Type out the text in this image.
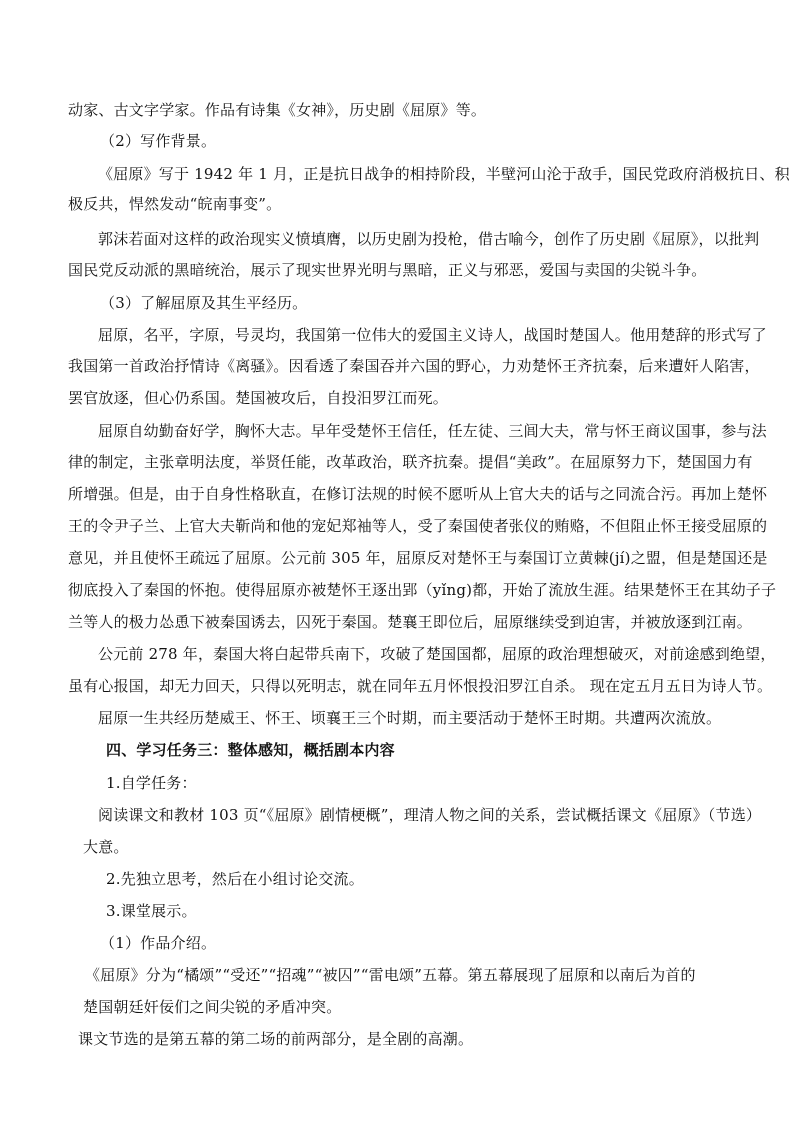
动家、古文字学家。作品有诗集《女神》，历史剧《屈原》等。
（2）写作背景。
《屈原》写于 1942 年 1 月，正是抗日战争的相持阶段，半壁河山沦于敌手，国民党政府消极抗日、积
极反共，悍然发动“皖南事变”。
郭沫若面对这样的政治现实义愤填膺，以历史剧为投枪，借古喻今，创作了历史剧《屈原》，以批判
国民党反动派的黑暗统治，展示了现实世界光明与黑暗，正义与邪恶，爱国与卖国的尖锐斗争。
（3）了解屈原及其生平经历。
屈原，名平，字原，号灵均，我国第一位伟大的爱国主义诗人，战国时楚国人。他用楚辞的形式写了
我国第一首政治抒情诗《离骚》。因看透了秦国吞并六国的野心，力劝楚怀王齐抗秦，后来遭奸人陷害，
罢官放逐，但心仍系国。楚国被攻后，自投汨罗江而死。
屈原自幼勤奋好学，胸怀大志。早年受楚怀王信任，任左徒、三闾大夫，常与怀王商议国事，参与法
律的制定，主张章明法度，举贤任能，改革政治，联齐抗秦。提倡“美政”。在屈原努力下，楚国国力有
所增强。但是，由于自身性格耿直，在修订法规的时候不愿听从上官大夫的话与之同流合污。再加上楚怀
王的令尹子兰、上官大夫靳尚和他的宠妃郑袖等人，受了秦国使者张仪的贿赂，不但阻止怀王接受屈原的
意见，并且使怀王疏远了屈原。公元前 305 年，屈原反对楚怀王与秦国订立黄棘(jí)之盟，但是楚国还是
彻底投入了秦国的怀抱。使得屈原亦被楚怀王逐出郢（yǐng)都，开始了流放生涯。结果楚怀王在其幼子子
兰等人的极力怂恿下被秦国诱去，囚死于秦国。楚襄王即位后，屈原继续受到迫害，并被放逐到江南。
公元前 278 年，秦国大将白起带兵南下，攻破了楚国国都，屈原的政治理想破灭，对前途感到绝望，
虽有心报国，却无力回天，只得以死明志，就在同年五月怀恨投汨罗江自杀。 现在定五月五日为诗人节。
屈原一生共经历楚威王、怀王、顷襄王三个时期，而主要活动于楚怀王时期。共遭两次流放。
四、学习任务三：整体感知，概括剧本内容
1.自学任务：
阅读课文和教材 103 页“《屈原》剧情梗概”，理清人物之间的关系，尝试概括课文《屈原》（节选）
大意。
2.先独立思考，然后在小组讨论交流。
3.课堂展示。
（1）作品介绍。
《屈原》分为“橘颂”“受还”“招魂”“被囚”“雷电颂”五幕。第五幕展现了屈原和以南后为首的
楚国朝廷奸佞们之间尖锐的矛盾冲突。
课文节选的是第五幕的第二场的前两部分，是全剧的高潮。
